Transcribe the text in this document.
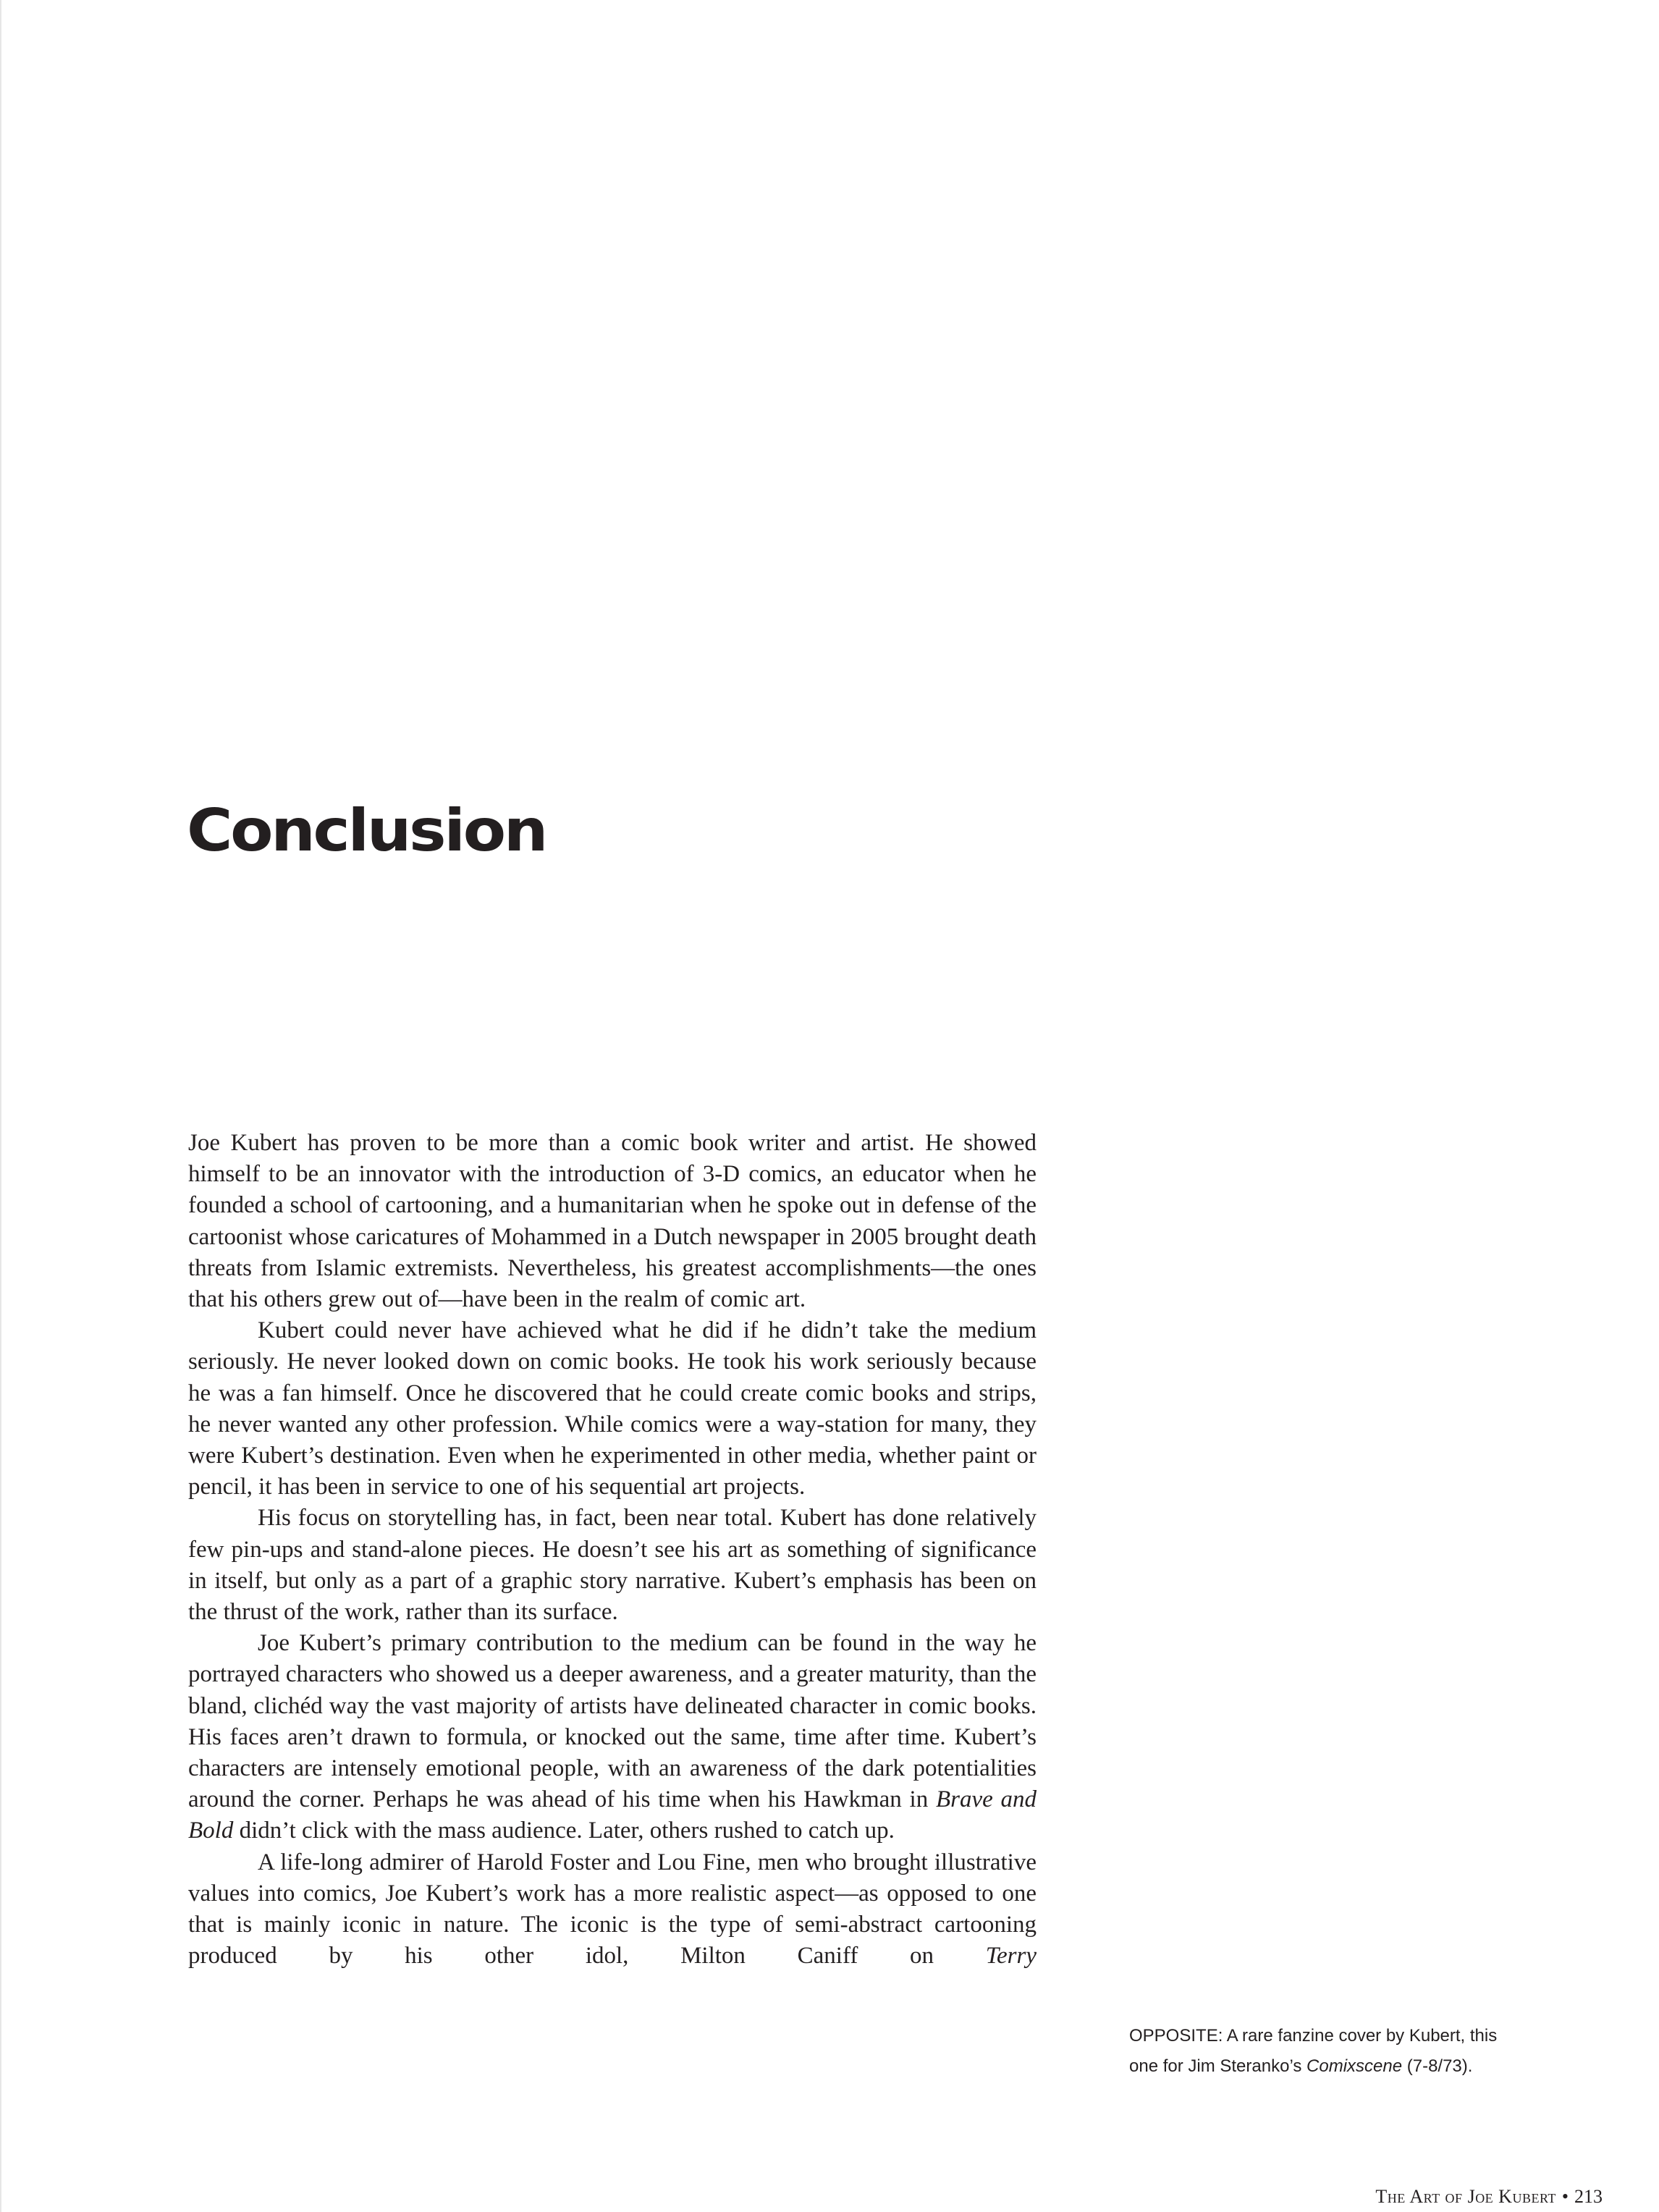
Conclusion

Joe Kubert has proven to be more than a comic book writer and artist. He showed himself to be an innovator with the introduction of 3-D comics, an educator when he founded a school of cartooning, and a humanitarian when he spoke out in defense of the cartoonist whose caricatures of Mohammed in a Dutch newspaper in 2005 brought death threats from Islamic extremists. Nevertheless, his greatest accomplishments—the ones that his others grew out of—have been in the realm of comic art.

Kubert could never have achieved what he did if he didn’t take the medium seriously. He never looked down on comic books. He took his work seriously because he was a fan himself. Once he discovered that he could create comic books and strips, he never wanted any other profession. While comics were a way-station for many, they were Kubert’s destination. Even when he experimented in other media, whether paint or pencil, it has been in service to one of his sequential art projects.

His focus on storytelling has, in fact, been near total. Kubert has done relatively few pin-ups and stand-alone pieces. He doesn’t see his art as something of significance in itself, but only as a part of a graphic story narrative. Kubert’s emphasis has been on the thrust of the work, rather than its surface.

Joe Kubert’s primary contribution to the medium can be found in the way he portrayed characters who showed us a deeper awareness, and a greater maturity, than the bland, clichéd way the vast majority of artists have delineated character in comic books. His faces aren’t drawn to formula, or knocked out the same, time after time. Kubert’s characters are intensely emotional people, with an awareness of the dark potentialities around the corner. Perhaps he was ahead of his time when his Hawkman in Brave and Bold didn’t click with the mass audience. Later, others rushed to catch up.

A life-long admirer of Harold Foster and Lou Fine, men who brought illustrative values into comics, Joe Kubert’s work has a more realistic aspect—as opposed to one that is mainly iconic in nature. The iconic is the type of semi-abstract cartooning produced by his other idol, Milton Caniff on Terry

OPPOSITE: A rare fanzine cover by Kubert, this one for Jim Steranko’s Comixscene (7-8/73).
The Art of Joe Kubert • 213
